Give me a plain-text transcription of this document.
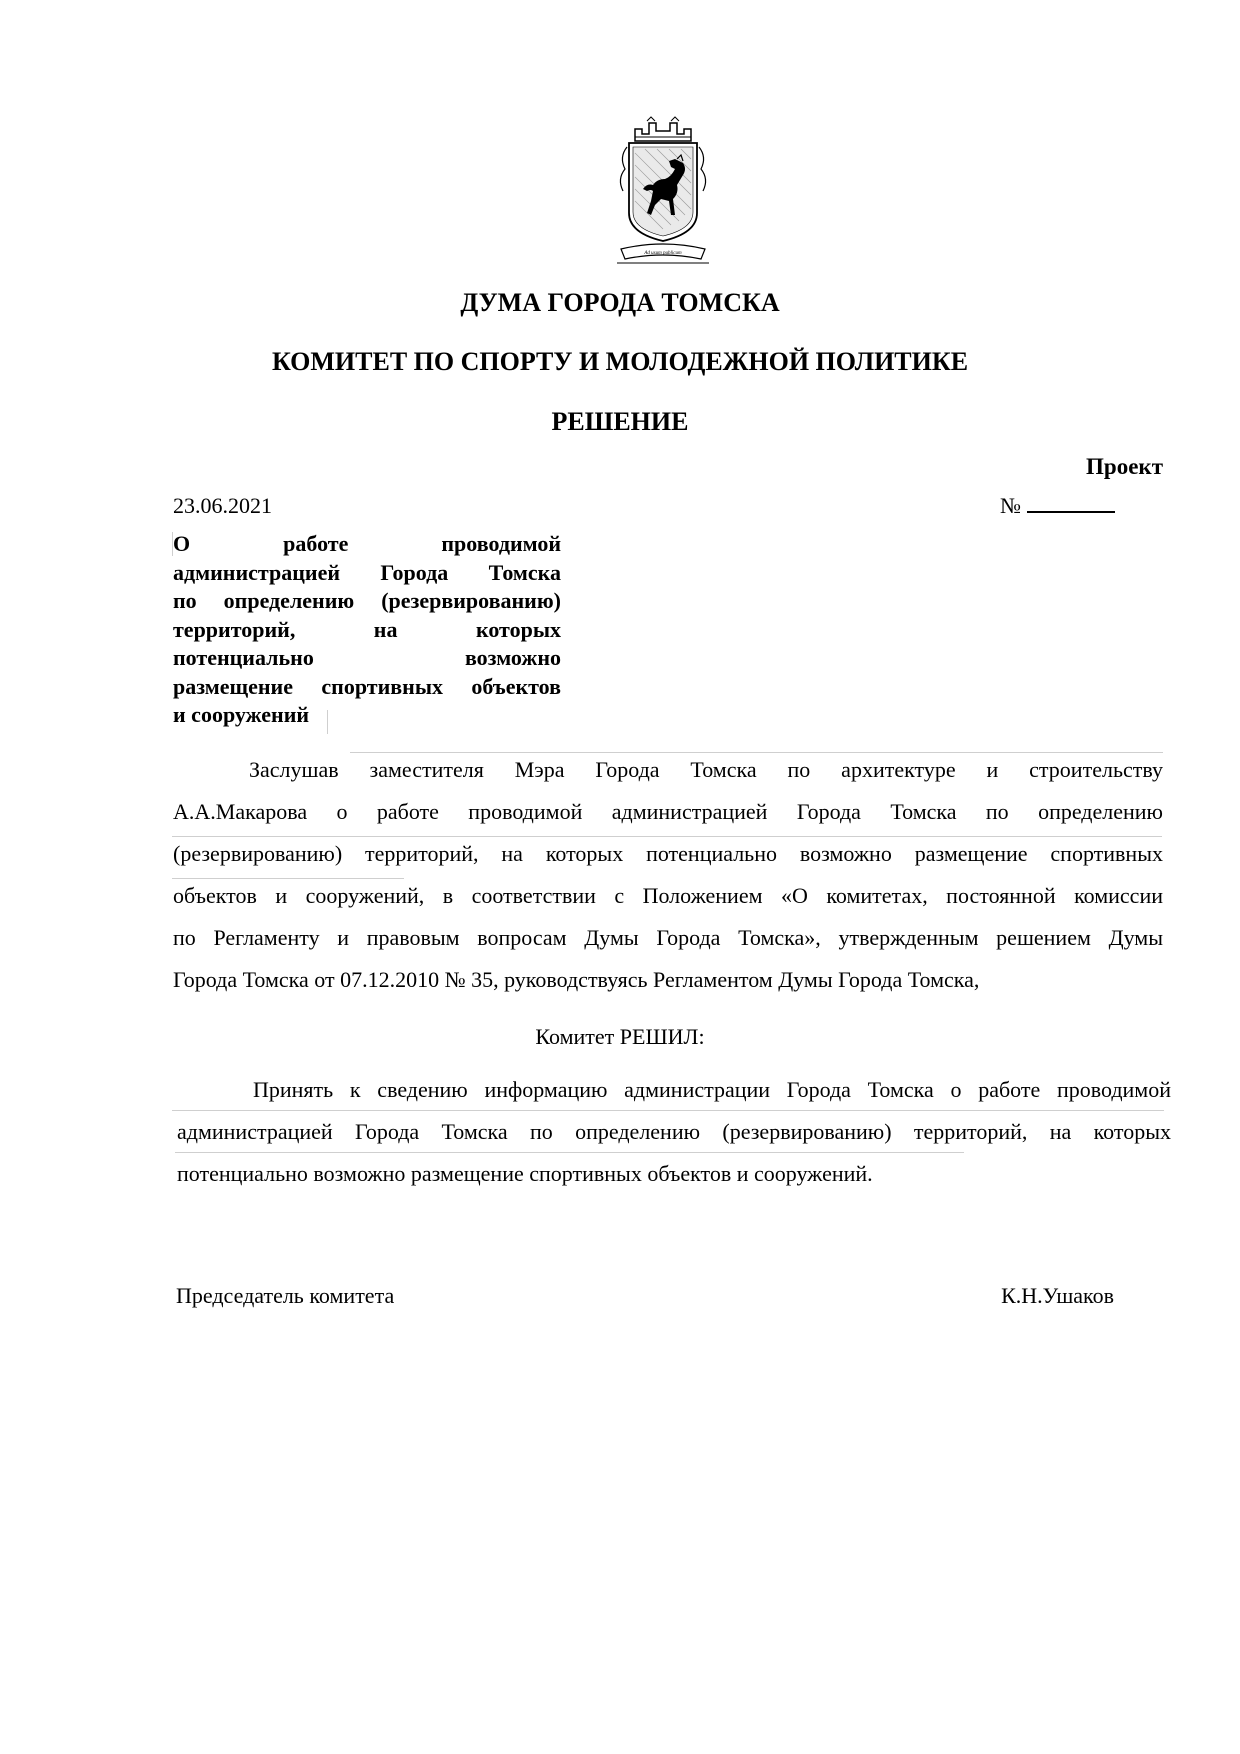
Ad usum publicum
ДУМА ГОРОДА ТОМСКА
КОМИТЕТ ПО СПОРТУ И МОЛОДЕЖНОЙ ПОЛИТИКЕ
РЕШЕНИЕ
Проект
23.06.2021	№
О работе проводимой
администрацией Города Томска
по определению (резервированию)
территорий, на которых
потенциально возможно
размещение спортивных объектов
и сооружений
Заслушав заместителя Мэра Города Томска по архитектуре и строительству
А.А.Макарова о работе проводимой администрацией Города Томска по определению
(резервированию) территорий, на которых потенциально возможно размещение спортивных
объектов и сооружений, в соответствии с Положением «О комитетах, постоянной комиссии
по Регламенту и правовым вопросам Думы Города Томска», утвержденным решением Думы
Города Томска от 07.12.2010 № 35, руководствуясь Регламентом Думы Города Томска,
Комитет РЕШИЛ:
Принять к сведению информацию администрации Города Томска о работе проводимой
администрацией Города Томска по определению (резервированию) территорий, на которых
потенциально возможно размещение спортивных объектов и сооружений.
Председатель комитета	К.Н.Ушаков
